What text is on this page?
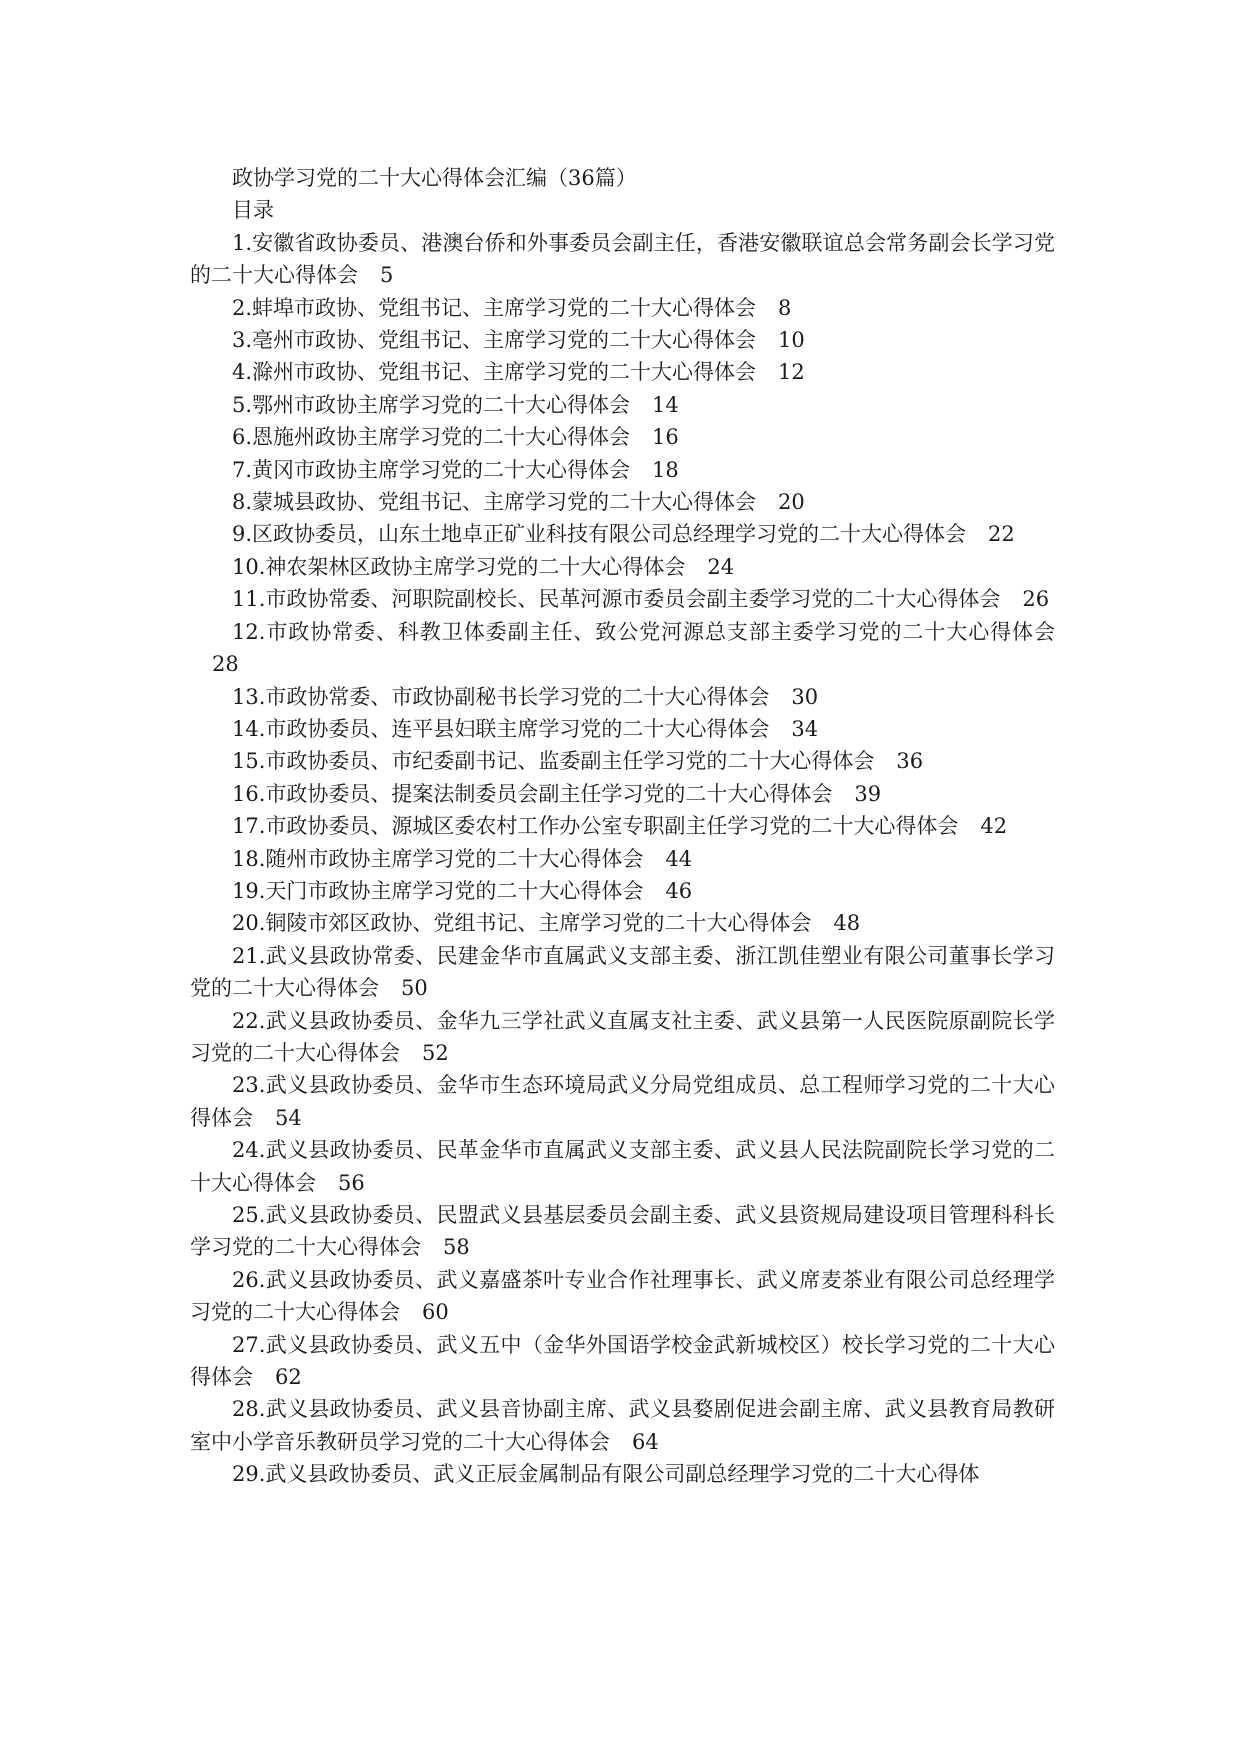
政协学习党的二十大心得体会汇编（36篇）

目录

1.安徽省政协委员、港澳台侨和外事委员会副主任，香港安徽联谊总会常务副会长学习党的二十大心得体会 5

2.蚌埠市政协、党组书记、主席学习党的二十大心得体会 8

3.亳州市政协、党组书记、主席学习党的二十大心得体会 10

4.滁州市政协、党组书记、主席学习党的二十大心得体会 12

5.鄂州市政协主席学习党的二十大心得体会 14

6.恩施州政协主席学习党的二十大心得体会 16

7.黄冈市政协主席学习党的二十大心得体会 18

8.蒙城县政协、党组书记、主席学习党的二十大心得体会 20

9.区政协委员，山东土地卓正矿业科技有限公司总经理学习党的二十大心得体会 22

10.神农架林区政协主席学习党的二十大心得体会 24

11.市政协常委、河职院副校长、民革河源市委员会副主委学习党的二十大心得体会 26

12.市政协常委、科教卫体委副主任、致公党河源总支部主委学习党的二十大心得体会28

13.市政协常委、市政协副秘书长学习党的二十大心得体会 30

14.市政协委员、连平县妇联主席学习党的二十大心得体会 34

15.市政协委员、市纪委副书记、监委副主任学习党的二十大心得体会 36

16.市政协委员、提案法制委员会副主任学习党的二十大心得体会 39

17.市政协委员、源城区委农村工作办公室专职副主任学习党的二十大心得体会 42

18.随州市政协主席学习党的二十大心得体会 44

19.天门市政协主席学习党的二十大心得体会 46

20.铜陵市郊区政协、党组书记、主席学习党的二十大心得体会 48

21.武义县政协常委、民建金华市直属武义支部主委、浙江凯佳塑业有限公司董事长学习党的二十大心得体会 50

22.武义县政协委员、金华九三学社武义直属支社主委、武义县第一人民医院原副院长学习党的二十大心得体会 52

23.武义县政协委员、金华市生态环境局武义分局党组成员、总工程师学习党的二十大心得体会 54

24.武义县政协委员、民革金华市直属武义支部主委、武义县人民法院副院长学习党的二十大心得体会 56

25.武义县政协委员、民盟武义县基层委员会副主委、武义县资规局建设项目管理科科长学习党的二十大心得体会 58

26.武义县政协委员、武义嘉盛茶叶专业合作社理事长、武义席麦茶业有限公司总经理学习党的二十大心得体会 60

27.武义县政协委员、武义五中（金华外国语学校金武新城校区）校长学习党的二十大心得体会 62

28.武义县政协委员、武义县音协副主席、武义县婺剧促进会副主席、武义县教育局教研室中小学音乐教研员学习党的二十大心得体会 64

29.武义县政协委员、武义正辰金属制品有限公司副总经理学习党的二十大心得体
